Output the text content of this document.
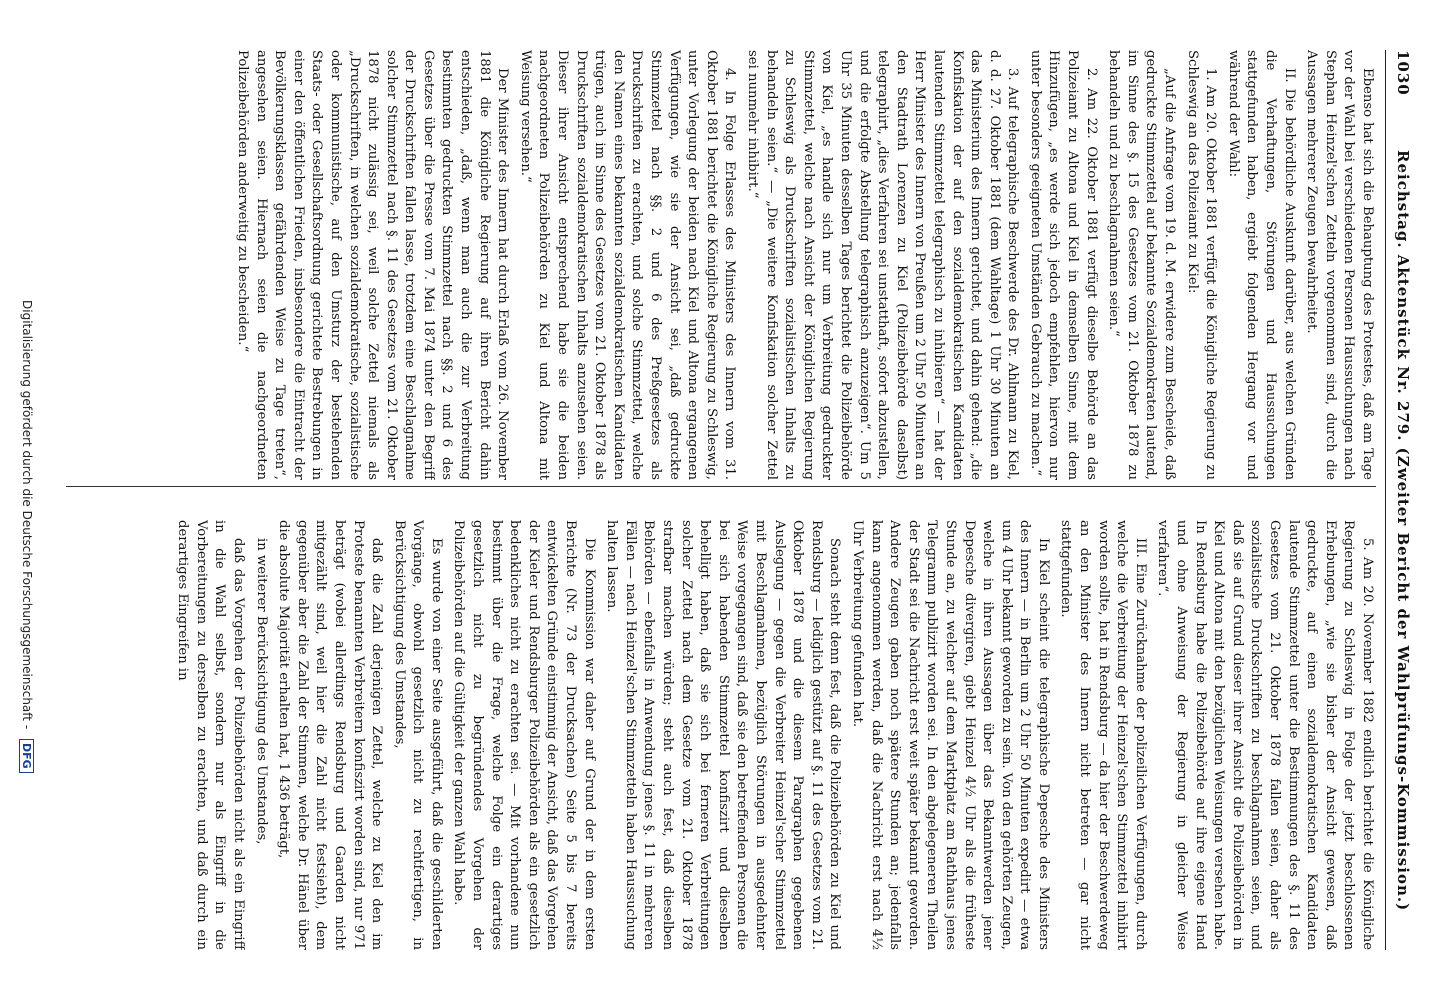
1030
Reichstag. Aktenstück Nr. 279. (Zweiter Bericht der Wahlprüfungs-Kommission.)

Ebenso hat sich die Behauptung des Protestes, daß am Tage vor der Wahl bei verschiedenen Personen Haussuchungen nach Stephan Heinzel'schen Zetteln vorgenommen sind, durch die Aussagen mehrerer Zeugen bewahrheitet.

II. Die behördliche Auskunft darüber, aus welchen Gründen die Verhaftungen, Störungen und Haussuchungen stattgefunden haben, ergiebt folgenden Hergang vor und während der Wahl:

1. Am 20. Oktober 1881 verfügt die Königliche Regierung zu Schleswig an das Polizeiamt zu Kiel:

„Auf die Anfrage vom 19. d. M. erwidere zum Bescheide, daß gedruckte Stimmzettel auf bekannte Sozialdemokraten lautend, im Sinne des §. 15 des Gesetzes vom 21. Oktober 1878 zu behandeln und zu beschlagnahmen seien.“

2. Am 22. Oktober 1881 verfügt dieselbe Behörde an das Polizeiamt zu Altona und Kiel in demselben Sinne, mit dem Hinzufügen, „es werde sich jedoch empfehlen, hiervon nur unter besonders geeigneten Umständen Gebrauch zu machen.“

3. Auf telegraphische Beschwerde des Dr. Ahlmann zu Kiel, d. d. 27. Oktober 1881 (dem Wahltage) 1 Uhr 30 Minuten an das Ministerium des Innern gerichtet, und dahin gehend: „die Konfiskation der auf den sozialdemokratischen Kandidaten lautenden Stimmzettel telegraphisch zu inhibieren“ — hat der Herr Minister des Innern von Preußen um 2 Uhr 50 Minuten an den Stadtrath Lorenzen zu Kiel (Polizeibehörde daselbst) telegraphirt, „dies Verfahren sei unstatthaft, sofort abzustellen, und die erfolgte Abstellung telegraphisch anzuzeigen“. Um 5 Uhr 35 Minuten desselben Tages berichtet die Polizeibehörde von Kiel, „es handle sich nur um Verbreitung gedruckter Stimmzettel, welche nach Ansicht der Königlichen Regierung zu Schleswig als Druckschriften sozialistischen Inhalts zu behandeln seien.“ — „Die weitere Konfiskation solcher Zettel sei nunmehr inhibirt.“

4. In Folge Erlasses des Ministers des Innern vom 31. Oktober 1881 berichtet die Königliche Regierung zu Schleswig, unter Vorlegung der beiden nach Kiel und Altona ergangenen Verfügungen, wie sie der Ansicht sei, „daß gedruckte Stimmzettel nach §§. 2 und 6 des Preßgesetzes als Druckschriften zu erachten, und solche Stimmzettel, welche den Namen eines bekannten sozialdemokratischen Kandidaten trügen, auch im Sinne des Gesetzes vom 21. Oktober 1878 als Druckschriften sozialdemokratischen Inhalts anzusehen seien. Dieser ihrer Ansicht entsprechend habe sie die beiden nachgeordneten Polizeibehörden zu Kiel und Altona mit Weisung versehen.“

Der Minister des Innern hat durch Erlaß vom 26. November 1881 die Königliche Regierung auf ihren Bericht dahin entschieden, „daß, wenn man auch die zur Verbreitung bestimmten gedruckten Stimmzettel nach §§. 2 und 6 des Gesetzes über die Presse vom 7. Mai 1874 unter den Begriff der Druckschriften fallen lasse, trotzdem eine Beschlagnahme solcher Stimmzettel nach §. 11 des Gesetzes vom 21. Oktober 1878 nicht zulässig sei, weil solche Zettel niemals als „Druckschriften, in welchen sozialdemokratische, sozialistische oder kommunistische, auf den Umsturz der bestehenden Staats- oder Gesellschaftsordnung gerichtete Bestrebungen in einer den öffentlichen Frieden, insbesondere die Eintracht der Bevölkerungsklassen gefährdenden Weise zu Tage treten“, angesehen seien. Hiernach seien die nachgeordneten Polizeibehörden anderweitig zu bescheiden.“

5. Am 20. November 1882 endlich berichtet die Königliche Regierung zu Schleswig in Folge der jetzt beschlossenen Erhebungen, „wie sie bisher der Ansicht gewesen, daß gedruckte, auf einen sozialdemokratischen Kandidaten lautende Stimmzettel unter die Bestimmungen des §. 11 des Gesetzes vom 21. Oktober 1878 fallen seien, daher als sozialistische Druckschriften zu beschlagnahmen seien, und daß sie auf Grund dieser ihrer Ansicht die Polizeibehörden in Kiel und Altona mit den bezüglichen Weisungen versehen habe. In Rendsburg habe die Polizeibehörde auf ihre eigene Hand und ohne Anweisung der Regierung in gleicher Weise verfahren“.

III. Eine Zurücknahme der polizeilichen Verfügungen, durch welche die Verbreitung der Heinzel'schen Stimmzettel inhibirt worden sollte, hat in Rendsburg — da hier der Beschwerdeweg an den Minister des Innern nicht betreten — gar nicht stattgefunden.

In Kiel scheint die telegraphische Depesche des Ministers des Innern — in Berlin um 2 Uhr 50 Minuten expedirt — etwa um 4 Uhr bekannt geworden zu sein. Von den gehörten Zeugen, welche in ihren Aussagen über das Bekanntwerden jener Depesche divergiren, giebt Heinzel 4½ Uhr als die früheste Stunde an, zu welcher auf dem Marktplatz am Rathhaus jenes Telegramm publizirt worden sei. In den abgelegeneren Theilen der Stadt sei die Nachricht erst weit später bekannt geworden. Andere Zeugen gaben noch spätere Stunden an; jedenfalls kann angenommen werden, daß die Nachricht erst nach 4½ Uhr Verbreitung gefunden hat.

Sonach steht denn fest, daß die Polizeibehörden zu Kiel und Rendsburg — lediglich gestützt auf §. 11 des Gesetzes vom 21. Oktober 1878 und die diesem Paragraphen gegebenen Auslegung — gegen die Verbreiter Heinzel'scher Stimmzettel mit Beschlagnahmen, bezüglich Störungen in ausgedehnter Weise vorgegangen sind, daß sie den betreffenden Personen die bei sich habenden Stimmzettel konfiszirt und dieselben behelligt haben, daß sie sich bei ferneren Verbreitungen solcher Zettel nach dem Gesetze vom 21. Oktober 1878 strafbar machen würden; steht auch fest, daß dieselben Behörden — ebenfalls in Anwendung jenes §. 11 in mehreren Fällen — nach Heinzel'schen Stimmzetteln haben Haussuchung halten lassen.

Die Kommission war daher auf Grund der in dem ersten Berichte (Nr. 73 der Drucksachen) Seite 5 bis 7 bereits entwickelten Gründe einstimmig der Ansicht, daß das Vorgehen der Kieler und Rendsburger Polizeibehörden als ein gesetzlich bedenkliches nicht zu erachten sei. — Mit vorhandene nun bestimmt über die Frage, welche Folge ein derartiges gesetzlich nicht zu begründendes Vorgehen der Polizeibehörden auf die Gültigkeit der ganzen Wahl habe.

Es wurde von einer Seite ausgeführt, daß die geschilderten Vorgänge, obwohl gesetzlich nicht zu rechtfertigen, in Berücksichtigung des Umstandes,

daß die Zahl derjenigen Zettel, welche zu Kiel den im Proteste benannten Verbreitern konfiszirt worden sind, nur 971 beträgt (wobei allerdings Rendsburg und Gaarden nicht mitgezählt sind, weil hier die Zahl nicht festsieht), dem gegenüber aber die Zahl der Stimmen, welche Dr. Hänel über die absolute Majorität erhalten hat, 1 436 beträgt,

in weiterer Berücksichtigung des Umstandes,

daß das Vorgehen der Polizeibehörden nicht als ein Eingriff in die Wahl selbst, sondern nur als Eingriff in die Vorbereitungen zu derselben zu erachten, und daß durch ein derartiges Eingreifen in

Digitalisierung gefördert durch die Deutsche Forschungsgemeinschaft - DFG
